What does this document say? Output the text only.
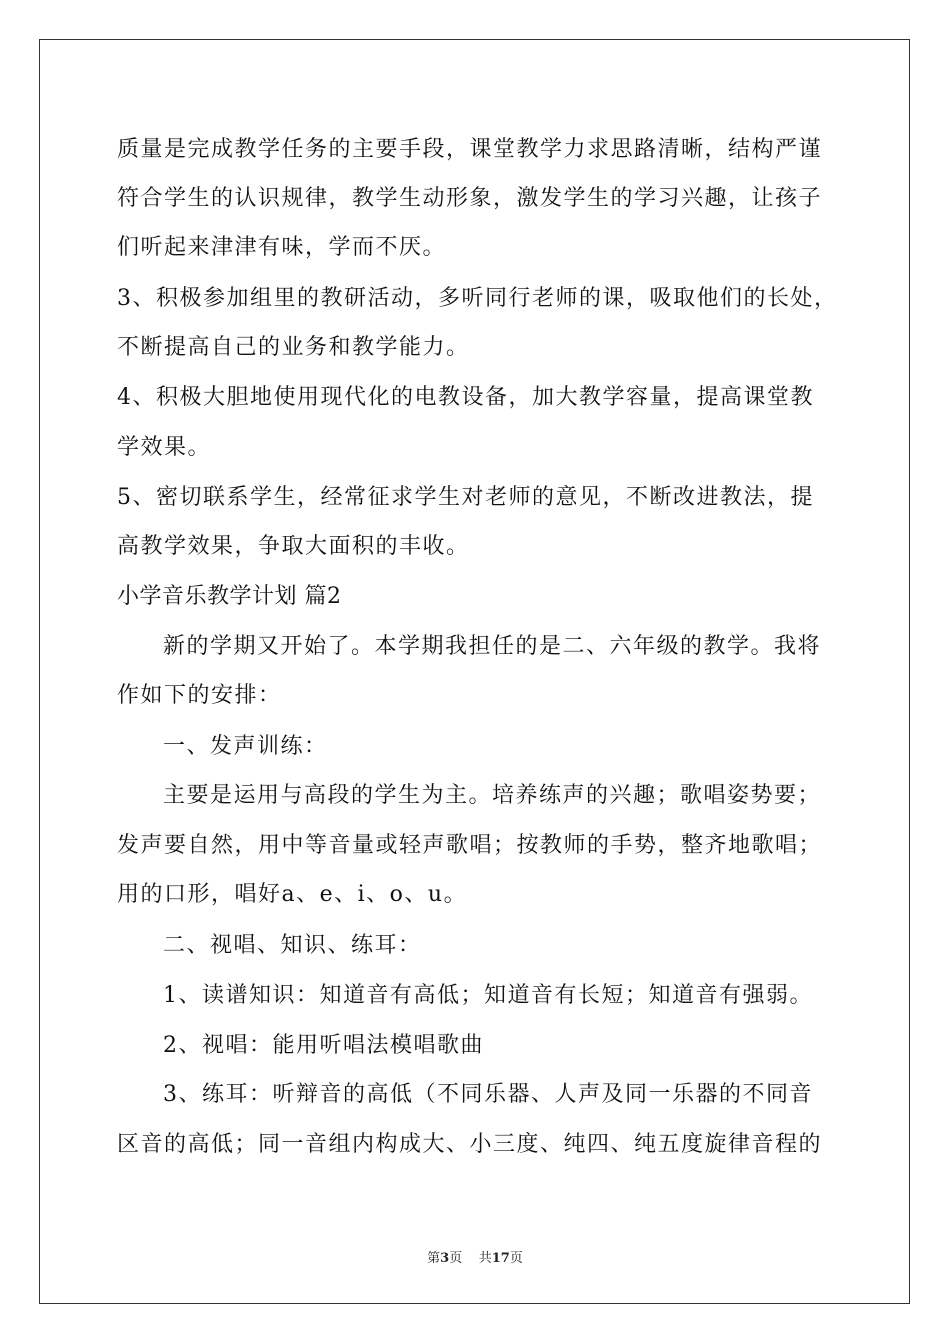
质量是完成教学任务的主要手段，课堂教学力求思路清晰，结构严谨
符合学生的认识规律，教学生动形象，激发学生的学习兴趣，让孩子
们听起来津津有味，学而不厌。
3、积极参加组里的教研活动，多听同行老师的课，吸取他们的长处，
不断提高自己的业务和教学能力。
4、积极大胆地使用现代化的电教设备，加大教学容量，提高课堂教
学效果。
5、密切联系学生，经常征求学生对老师的意见，不断改进教法，提
高教学效果，争取大面积的丰收。
小学音乐教学计划 篇2
新的学期又开始了。本学期我担任的是二、六年级的教学。我将
作如下的安排：
一、发声训练：
主要是运用与高段的学生为主。培养练声的兴趣；歌唱姿势要；
发声要自然，用中等音量或轻声歌唱；按教师的手势，整齐地歌唱；
用的口形，唱好a、e、i、o、u。
二、视唱、知识、练耳：
1、读谱知识：知道音有高低；知道音有长短；知道音有强弱。
2、视唱：能用听唱法模唱歌曲
3、练耳：听辩音的高低（不同乐器、人声及同一乐器的不同音
区音的高低；同一音组内构成大、小三度、纯四、纯五度旋律音程的
第3页 共17页
